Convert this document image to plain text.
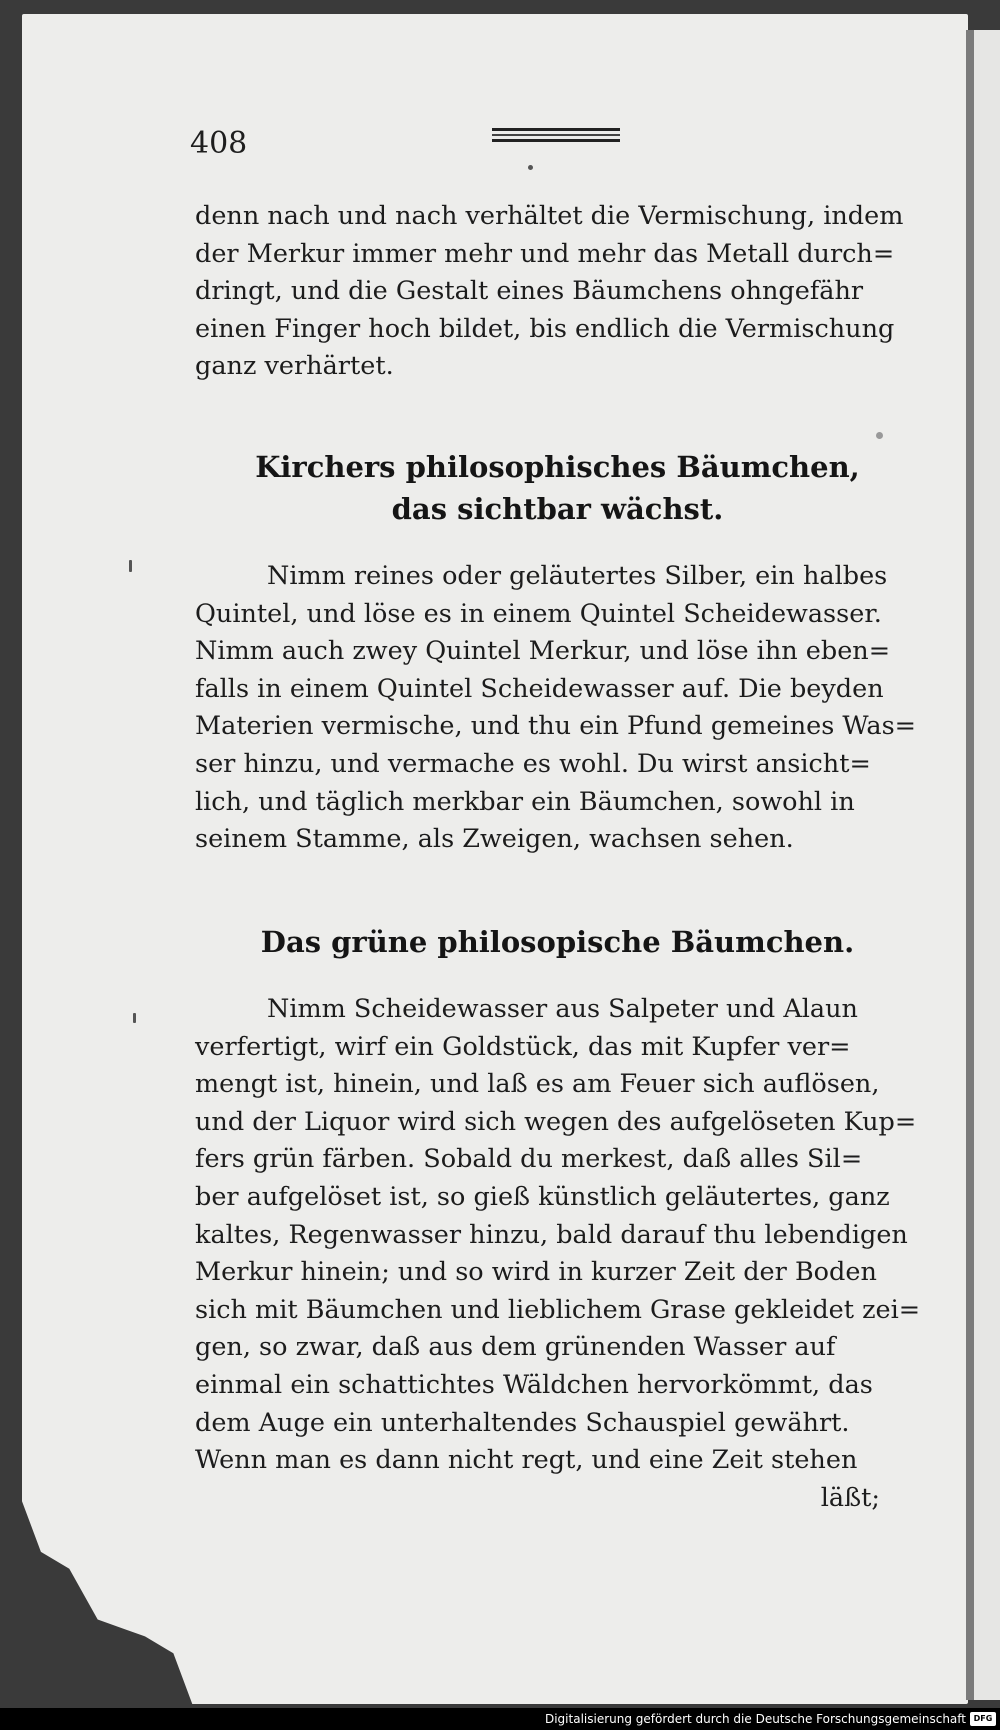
408
denn nach und nach verhältet die Vermischung, indem
der Merkur immer mehr und mehr das Metall durch=
dringt, und die Gestalt eines Bäumchens ohngefähr
einen Finger hoch bildet, bis endlich die Vermischung
ganz verhärtet.
Kirchers philosophisches Bäumchen,
das sichtbar wächst.
Nimm reines oder geläutertes Silber, ein halbes
Quintel, und löse es in einem Quintel Scheidewasser.
Nimm auch zwey Quintel Merkur, und löse ihn eben=
falls in einem Quintel Scheidewasser auf. Die beyden
Materien vermische, und thu ein Pfund gemeines Was=
ser hinzu, und vermache es wohl. Du wirst ansicht=
lich, und täglich merkbar ein Bäumchen, sowohl in
seinem Stamme, als Zweigen, wachsen sehen.
Das grüne philosopische Bäumchen.
Nimm Scheidewasser aus Salpeter und Alaun
verfertigt, wirf ein Goldstück, das mit Kupfer ver=
mengt ist, hinein, und laß es am Feuer sich auflösen,
und der Liquor wird sich wegen des aufgelöseten Kup=
fers grün färben. Sobald du merkest, daß alles Sil=
ber aufgelöset ist, so gieß künstlich geläutertes, ganz
kaltes, Regenwasser hinzu, bald darauf thu lebendigen
Merkur hinein; und so wird in kurzer Zeit der Boden
sich mit Bäumchen und lieblichem Grase gekleidet zei=
gen, so zwar, daß aus dem grünenden Wasser auf
einmal ein schattichtes Wäldchen hervorkömmt, das
dem Auge ein unterhaltendes Schauspiel gewährt.
Wenn man es dann nicht regt, und eine Zeit stehen
läßt;
Digitalisierung gefördert durch die Deutsche Forschungsgemeinschaft DFG
